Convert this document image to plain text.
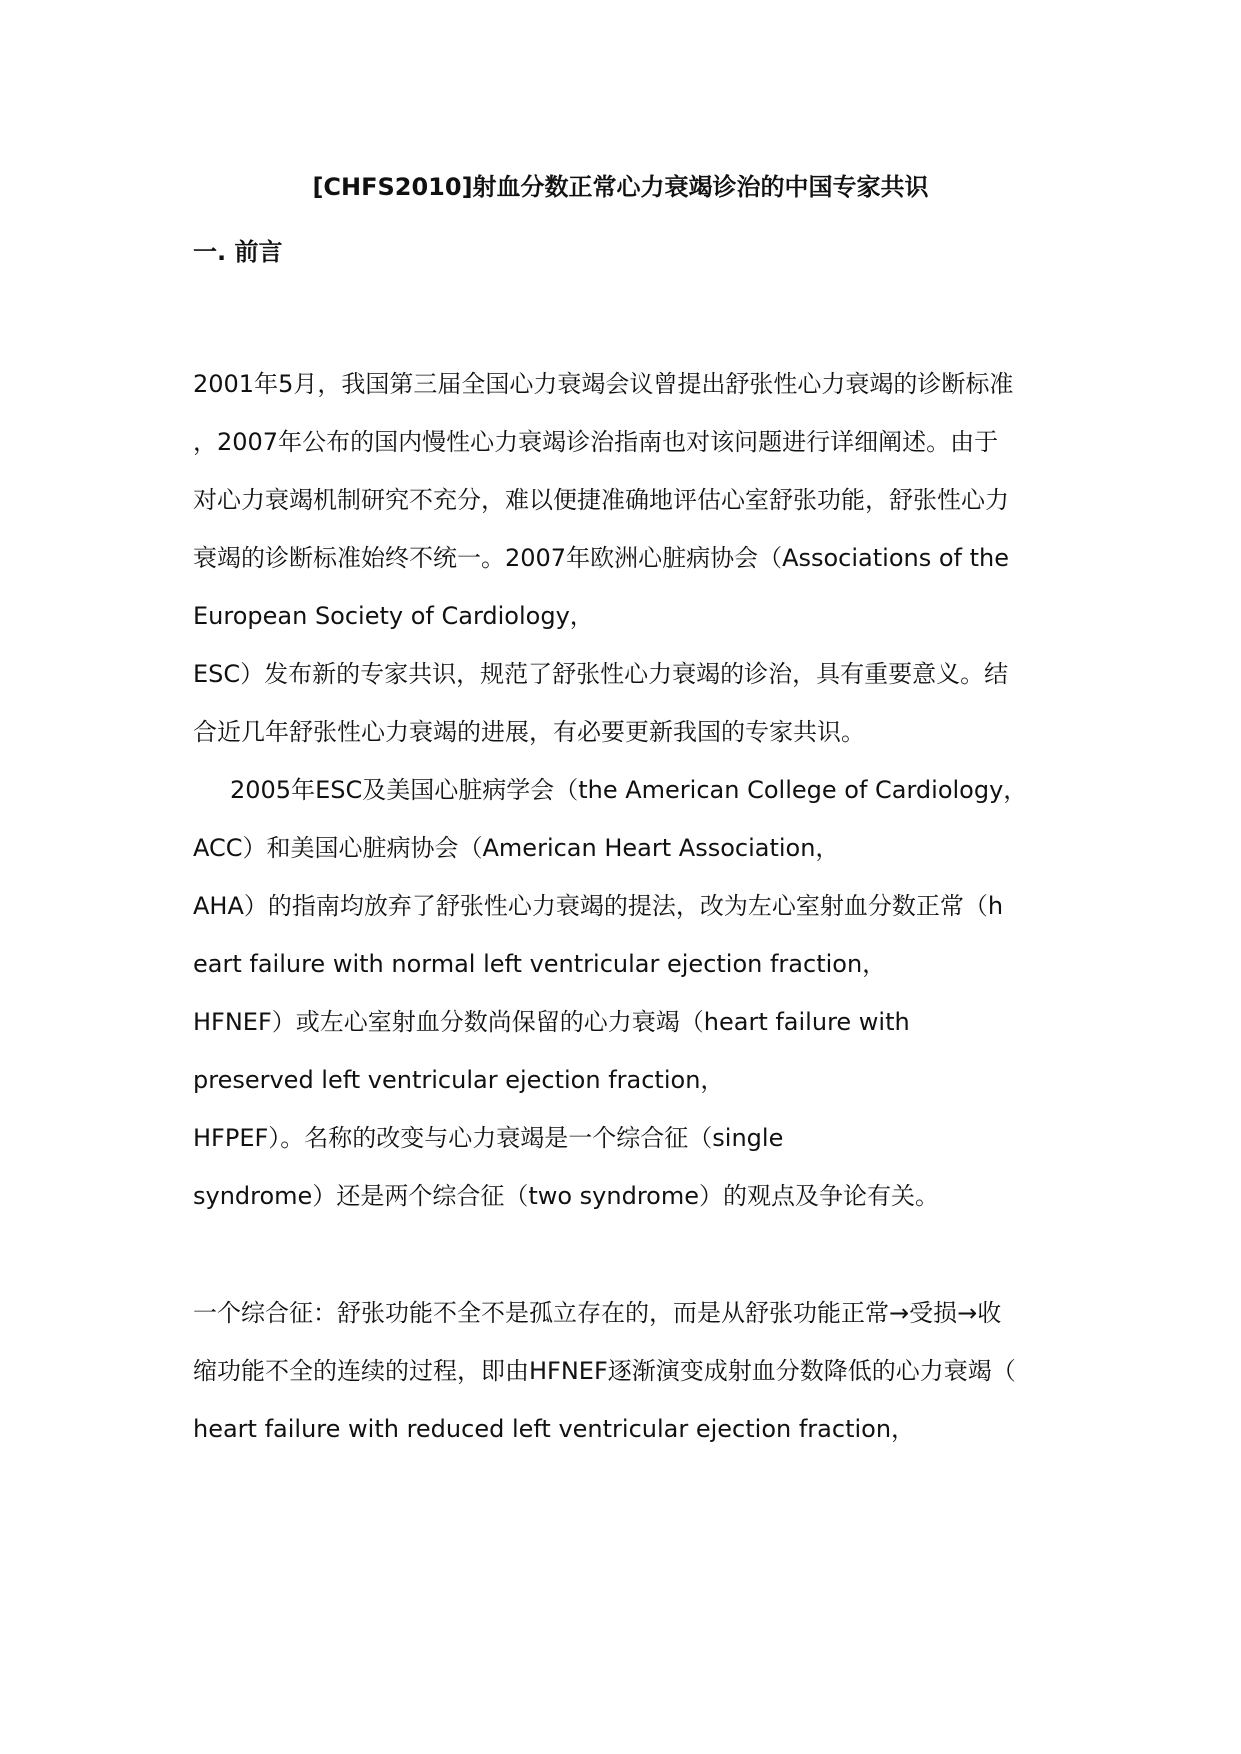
[CHFS2010]射血分数正常心力衰竭诊治的中国专家共识
一. 前言
2001年5月，我国第三届全国心力衰竭会议曾提出舒张性心力衰竭的诊断标准
，2007年公布的国内慢性心力衰竭诊治指南也对该问题进行详细阐述。由于
对心力衰竭机制研究不充分，难以便捷准确地评估心室舒张功能，舒张性心力
衰竭的诊断标准始终不统一。2007年欧洲心脏病协会（Associations of the
European Society of Cardiology，
ESC）发布新的专家共识，规范了舒张性心力衰竭的诊治，具有重要意义。结
合近几年舒张性心力衰竭的进展，有必要更新我国的专家共识。
2005年ESC及美国心脏病学会（the American College of Cardiology，
ACC）和美国心脏病协会（American Heart Association，
AHA）的指南均放弃了舒张性心力衰竭的提法，改为左心室射血分数正常（h
eart failure with normal left ventricular ejection fraction，
HFNEF）或左心室射血分数尚保留的心力衰竭（heart failure with
preserved left ventricular ejection fraction，
HFPEF）。名称的改变与心力衰竭是一个综合征（single
syndrome）还是两个综合征（two syndrome）的观点及争论有关。
一个综合征：舒张功能不全不是孤立存在的，而是从舒张功能正常→受损→收
缩功能不全的连续的过程，即由HFNEF逐渐演变成射血分数降低的心力衰竭（
heart failure with reduced left ventricular ejection fraction，
